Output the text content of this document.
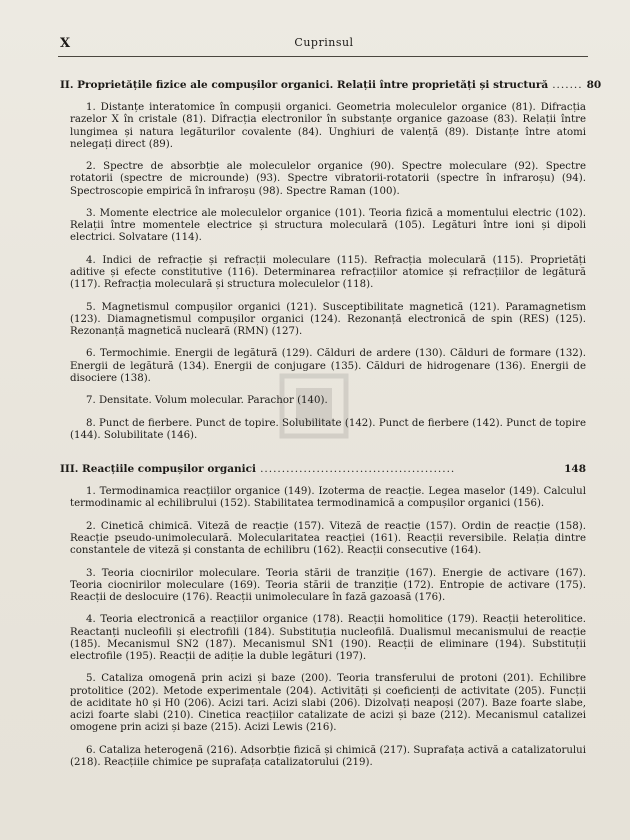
X	Cuprinsul
II. Proprietățile fizice ale compușilor organici. Relații între proprietăți și structură ....... 80

1. Distanțe interatomice în compușii organici. Geometria moleculelor organice (81). Difracția razelor X în cristale (81). Difracția electronilor în substanțe organice gazoase (83). Relații între lungimea și natura legăturilor covalente (84). Unghiuri de valență (89). Distanțe între atomi nelegați direct (89).

2. Spectre de absorbție ale moleculelor organice (90). Spectre moleculare (92). Spectre rotatorii (spectre de microunde) (93). Spectre vibratorii-rotatorii (spectre în infraroșu) (94). Spectroscopie empirică în infraroșu (98). Spectre Raman (100).

3. Momente electrice ale moleculelor organice (101). Teoria fizică a momentului electric (102). Relații între momentele electrice și structura moleculară (105). Legături între ioni și dipoli electrici. Solvatare (114).

4. Indici de refracție și refracții moleculare (115). Refracția moleculară (115). Proprietăți aditive și efecte constitutive (116). Determinarea refracțiilor atomice și refracțiilor de legătură (117). Refracția moleculară și structura moleculelor (118).

5. Magnetismul compușilor organici (121). Susceptibilitate magnetică (121). Paramagnetism (123). Diamagnetismul compușilor organici (124). Rezonanță electronică de spin (RES) (125). Rezonanță magnetică nucleară (RMN) (127).

6. Termochimie. Energii de legătură (129). Călduri de ardere (130). Călduri de formare (132). Energii de legătură (134). Energii de conjugare (135). Călduri de hidrogenare (136). Energii de disociere (138).

7. Densitate. Volum molecular. Parachor (140).

8. Punct de fierbere. Punct de topire. Solubilitate (142). Punct de fierbere (142). Punct de topire (144). Solubilitate (146).

III. Reacțiile compușilor organici .............................................	148

1. Termodinamica reacțiilor organice (149). Izoterma de reacție. Legea maselor (149). Calculul termodinamic al echilibrului (152). Stabilitatea termodinamică a compușilor organici (156).

2. Cinetică chimică. Viteză de reacție (157). Viteză de reacție (157). Ordin de reacție (158). Reacție pseudo-unimoleculară. Molecularitatea reacției (161). Reacții reversibile. Relația dintre constantele de viteză și constanta de echilibru (162). Reacții consecutive (164).

3. Teoria ciocnirilor moleculare. Teoria stării de tranziție (167). Energie de activare (167). Teoria ciocnirilor moleculare (169). Teoria stării de tranziție (172). Entropie de activare (175). Reacții de deslocuire (176). Reacții unimoleculare în fază gazoasă (176).

4. Teoria electronică a reacțiilor organice (178). Reacții homolitice (179). Reacții heterolitice. Reactanți nucleofili și electrofili (184). Substituția nucleofilă. Dualismul mecanismului de reacție (185). Mecanismul SN2 (187). Mecanismul SN1 (190). Reacții de eliminare (194). Substituții electrofile (195). Reacții de adiție la duble legături (197).

5. Cataliza omogenă prin acizi și baze (200). Teoria transferului de protoni (201). Echilibre protolitice (202). Metode experimentale (204). Activități și coeficienți de activitate (205). Funcții de aciditate h0 și H0 (206). Acizi tari. Acizi slabi (206). Dizolvați neapoși (207). Baze foarte slabe, acizi foarte slabi (210). Cinetica reacțiilor catalizate de acizi și baze (212). Mecanismul catalizei omogene prin acizi și baze (215). Acizi Lewis (216).

6. Cataliza heterogenă (216). Adsorbție fizică și chimică (217). Suprafața activă a catalizatorului (218). Reacțiile chimice pe suprafața catalizatorului (219).
